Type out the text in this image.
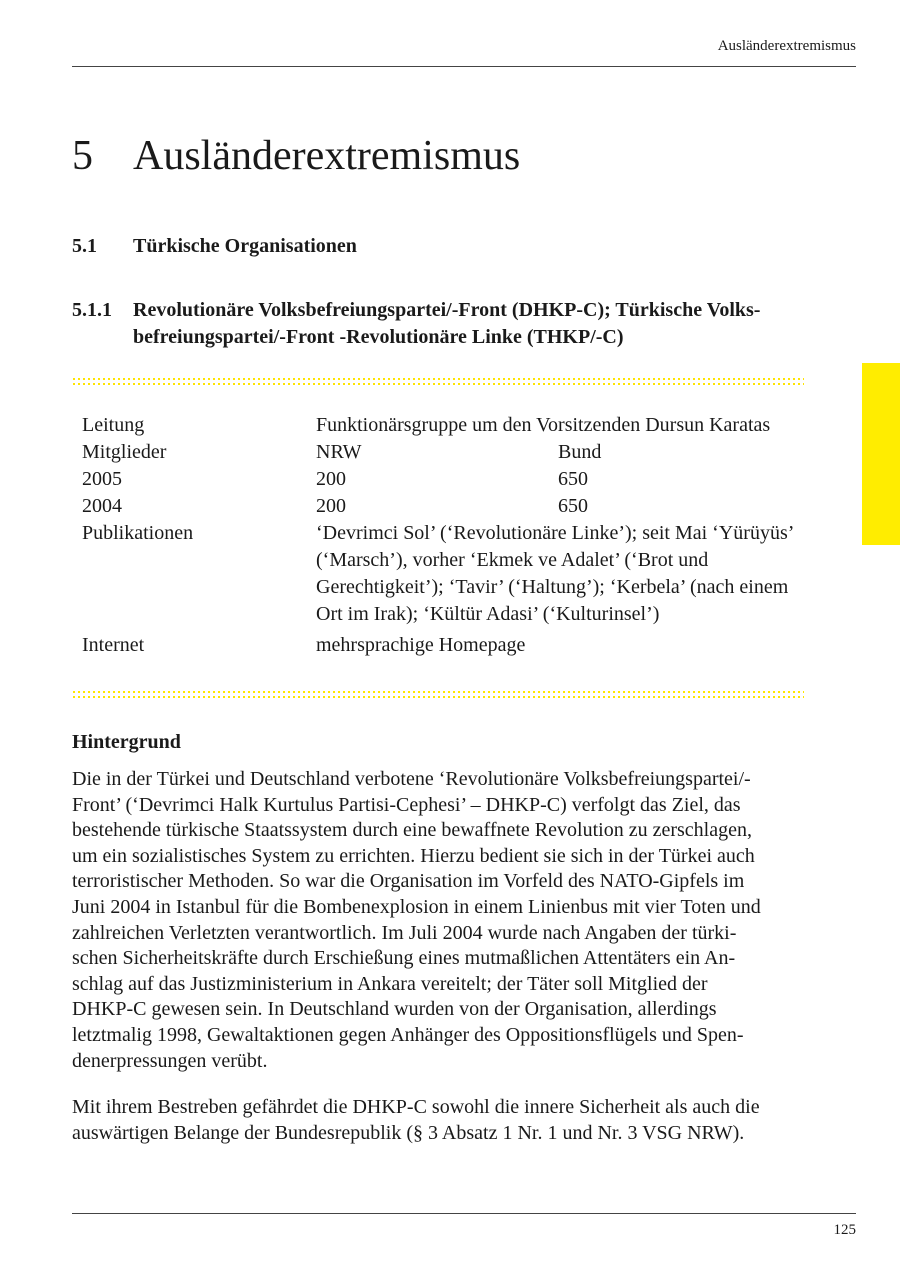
Ausländerextremismus
5 Ausländerextremismus
5.1 Türkische Organisationen
5.1.1 Revolutionäre Volksbefreiungspartei/-Front (DHKP-C); Türkische Volks-befreiungspartei/-Front -Revolutionäre Linke (THKP/-C)
Leitung	Funktionärsgruppe um den Vorsitzenden Dursun Karatas
Mitglieder	NRW	Bund
2005	200	650
2004	200	650
Publikationen	‘Devrimci Sol’ (‘Revolutionäre Linke’); seit Mai ‘Yürüyüs’ (‘Marsch’), vorher ‘Ekmek ve Adalet’ (‘Brot und Gerechtigkeit’); ‘Tavir’ (‘Haltung’); ‘Kerbela’ (nach einem Ort im Irak); ‘Kültür Adasi’ (‘Kulturinsel’)
Internet	mehrsprachige Homepage
Hintergrund
Die in der Türkei und Deutschland verbotene ‘Revolutionäre Volksbefreiungspartei/-
Front’ (‘Devrimci Halk Kurtulus Partisi-Cephesi’ – DHKP-C) verfolgt das Ziel, das
bestehende türkische Staatssystem durch eine bewaffnete Revolution zu zerschlagen,
um ein sozialistisches System zu errichten. Hierzu bedient sie sich in der Türkei auch
terroristischer Methoden. So war die Organisation im Vorfeld des NATO-Gipfels im
Juni 2004 in Istanbul für die Bombenexplosion in einem Linienbus mit vier Toten und
zahlreichen Verletzten verantwortlich. Im Juli 2004 wurde nach Angaben der türki-
schen Sicherheitskräfte durch Erschießung eines mutmaßlichen Attentäters ein An-
schlag auf das Justizministerium in Ankara vereitelt; der Täter soll Mitglied der
DHKP-C gewesen sein. In Deutschland wurden von der Organisation, allerdings
letztmalig 1998, Gewaltaktionen gegen Anhänger des Oppositionsflügels und Spen-
denerpressungen verübt.
Mit ihrem Bestreben gefährdet die DHKP-C sowohl die innere Sicherheit als auch die
auswärtigen Belange der Bundesrepublik (§ 3 Absatz 1 Nr. 1 und Nr. 3 VSG NRW).
125
